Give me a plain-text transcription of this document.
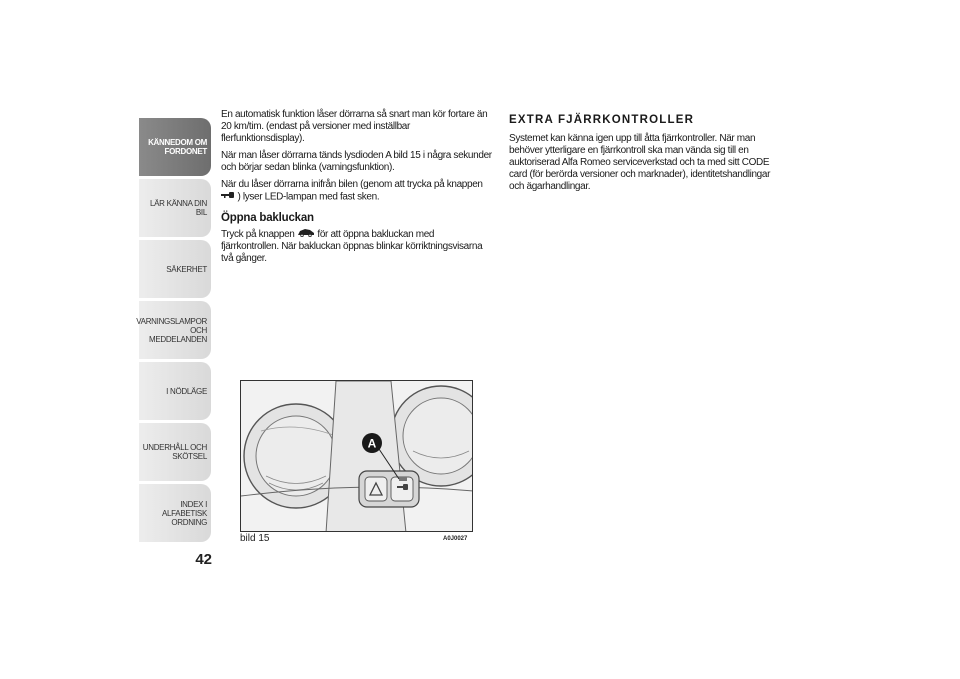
KÄNNEDOM OM
FORDONET
LÄR KÄNNA DIN BIL
SÄKERHET
VARNINGSLAMPOR
OCH MEDDELANDEN
I NÖDLÄGE
UNDERHÅLL OCH
SKÖTSEL
INDEX I ALFABETISK
ORDNING
42

En automatisk funktion låser dörrarna så snart man kör fortare än 20 km/tim. (endast på versioner med inställbar flerfunktionsdisplay).

När man låser dörrarna tänds lysdioden A bild 15 i några sekunder och börjar sedan blinka (varningsfunktion).

När du låser dörrarna inifrån bilen (genom att trycka på knappen
) lyser LED-lampan med fast sken.

Öppna bakluckan

Tryck på knappen för att öppna bakluckan med fjärrkontrollen. När bakluckan öppnas blinkar körriktningsvisarna två gånger.

EXTRA FJÄRRKONTROLLER

Systemet kan känna igen upp till åtta fjärrkontroller. När man behöver ytterligare en fjärrkontroll ska man vända sig till en auktoriserad Alfa Romeo serviceverkstad och ta med sitt CODE card (för berörda versioner och marknader), identitetshandlingar och ägarhandlingar.

A
bild 15	A0J0027
